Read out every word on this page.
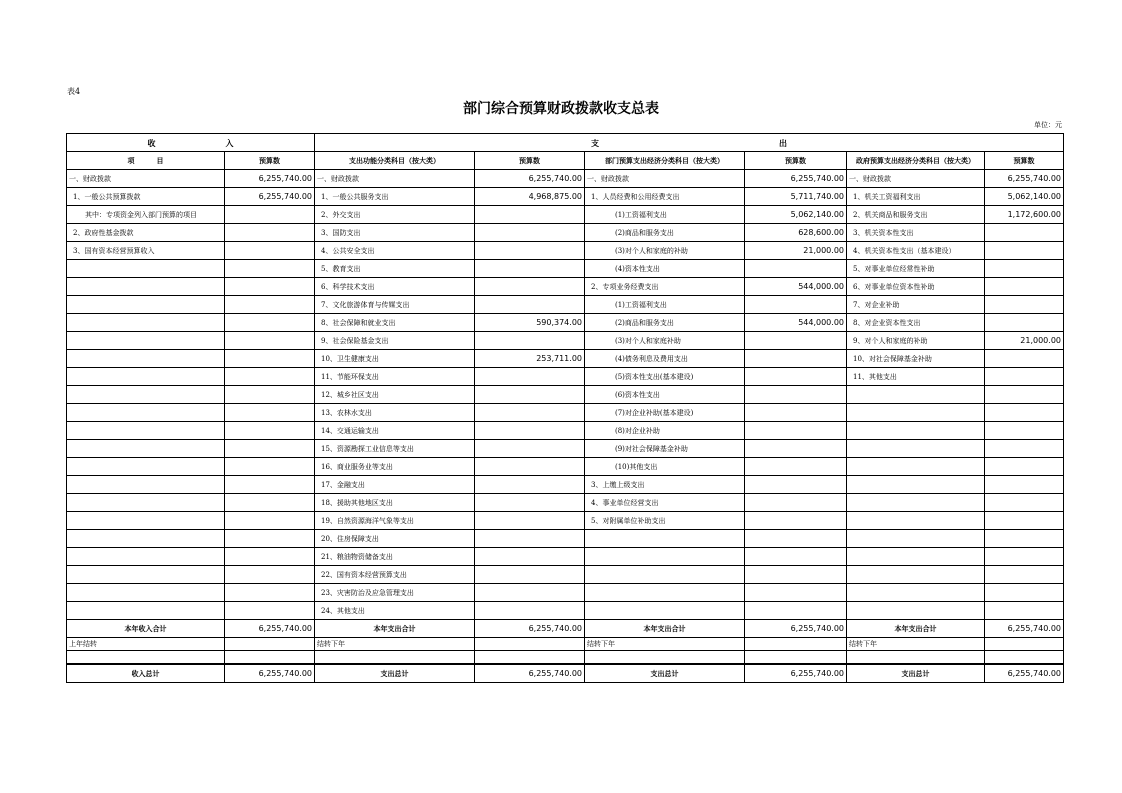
表4
部门综合预算财政拨款收支总表
单位：元
收 入		支 出					
项 目	预算数	支出功能分类科目（按大类）	预算数	部门预算支出经济分类科目（按大类）	预算数	政府预算支出经济分类科目（按大类）	预算数
一、财政拨款	6,255,740.00	一、财政拨款	6,255,740.00	一、财政拨款	6,255,740.00	一、财政拨款	6,255,740.00
1、一般公共预算拨款	6,255,740.00	1、一般公共服务支出	4,968,875.00	1、人员经费和公用经费支出	5,711,740.00	1、机关工资福利支出	5,062,140.00
其中：专项资金列入部门预算的项目		2、外交支出		(1)工资福利支出	5,062,140.00	2、机关商品和服务支出	1,172,600.00
2、政府性基金拨款		3、国防支出		(2)商品和服务支出	628,600.00	3、机关资本性支出	
3、国有资本经营预算收入		4、公共安全支出		(3)对个人和家庭的补助	21,000.00	4、机关资本性支出（基本建设）	
		5、教育支出		(4)资本性支出		5、对事业单位经常性补助	
		6、科学技术支出		2、专项业务经费支出	544,000.00	6、对事业单位资本性补助	
		7、文化旅游体育与传媒支出		(1)工资福利支出		7、对企业补助	
		8、社会保障和就业支出	590,374.00	(2)商品和服务支出	544,000.00	8、对企业资本性支出	
		9、社会保险基金支出		(3)对个人和家庭补助		9、对个人和家庭的补助	21,000.00
		10、卫生健康支出	253,711.00	(4)债务利息及费用支出		10、对社会保障基金补助	
		11、节能环保支出		(5)资本性支出(基本建设)		11、其他支出	
		12、城乡社区支出		(6)资本性支出			
		13、农林水支出		(7)对企业补助(基本建设)			
		14、交通运输支出		(8)对企业补助			
		15、资源勘探工业信息等支出		(9)对社会保障基金补助			
		16、商业服务业等支出		(10)其他支出			
		17、金融支出		3、上缴上级支出			
		18、援助其他地区支出		4、事业单位经营支出			
		19、自然资源海洋气象等支出		5、对附属单位补助支出			
		20、住房保障支出					
		21、粮油物资储备支出					
		22、国有资本经营预算支出					
		23、灾害防治及应急管理支出					
		24、其他支出					
本年收入合计	6,255,740.00	本年支出合计	6,255,740.00	本年支出合计	6,255,740.00	本年支出合计	6,255,740.00
上年结转		结转下年		结转下年		结转下年	

收入总计	6,255,740.00	支出总计	6,255,740.00	支出总计	6,255,740.00	支出总计	6,255,740.00
